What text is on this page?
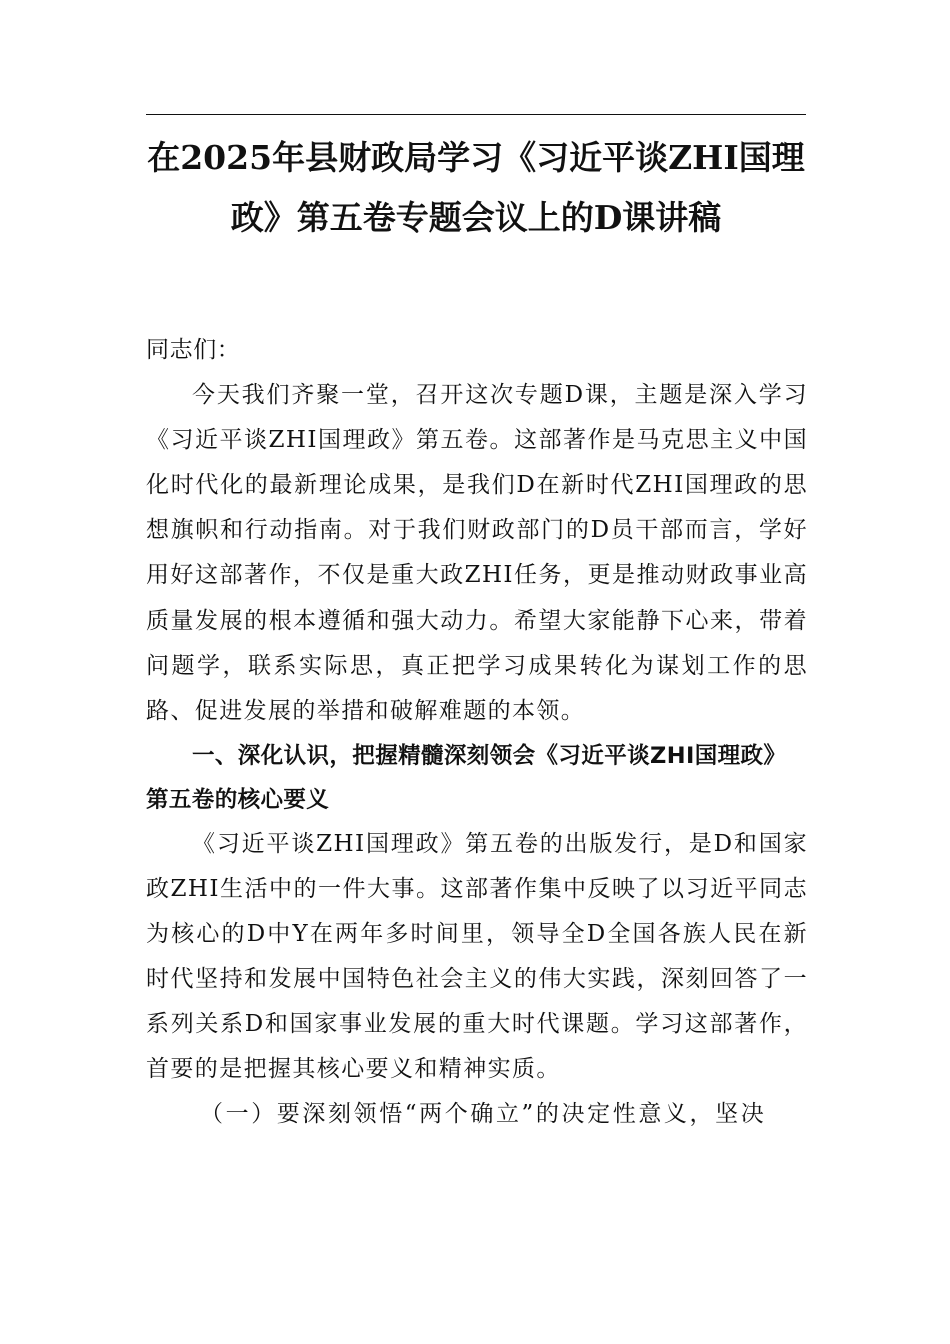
在2025年县财政局学习《习近平谈ZHI国理政》第五卷专题会议上的D课讲稿

同志们：

今天我们齐聚一堂，召开这次专题D课，主题是深入学习《习近平谈ZHI国理政》第五卷。这部著作是马克思主义中国化时代化的最新理论成果，是我们D在新时代ZHI国理政的思想旗帜和行动指南。对于我们财政部门的D员干部而言，学好用好这部著作，不仅是重大政ZHI任务，更是推动财政事业高质量发展的根本遵循和强大动力。希望大家能静下心来，带着问题学，联系实际思，真正把学习成果转化为谋划工作的思路、促进发展的举措和破解难题的本领。

一、深化认识，把握精髓深刻领会《习近平谈ZHI国理政》第五卷的核心要义

《习近平谈ZHI国理政》第五卷的出版发行，是D和国家政ZHI生活中的一件大事。这部著作集中反映了以习近平同志为核心的D中Y在两年多时间里，领导全D全国各族人民在新时代坚持和发展中国特色社会主义的伟大实践，深刻回答了一系列关系D和国家事业发展的重大时代课题。学习这部著作，首要的是把握其核心要义和精神实质。

（一）要深刻领悟“两个确立”的决定性意义，坚决
